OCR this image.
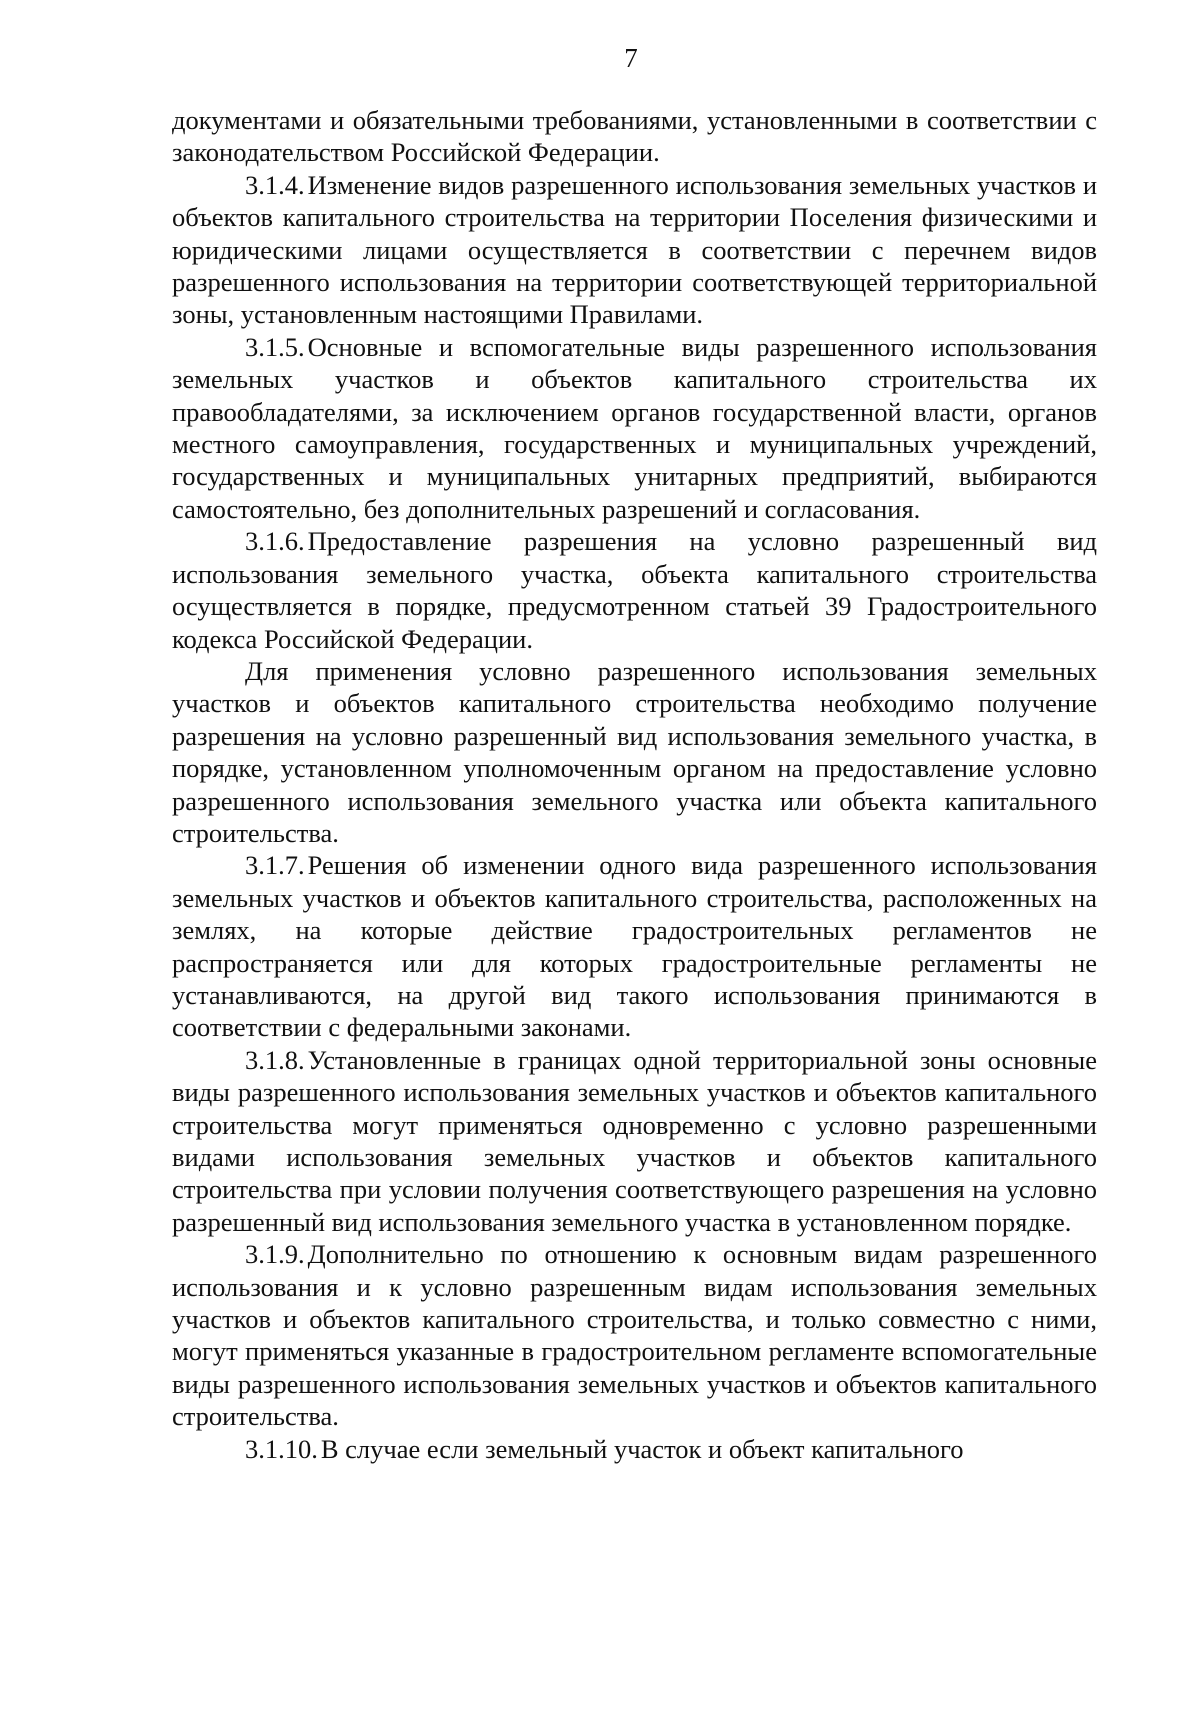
7

документами и обязательными требованиями, установленными в соответствии с законодательством Российской Федерации.

3.1.4. Изменение видов разрешенного использования земельных участков и объектов капитального строительства на территории Поселения физическими и юридическими лицами осуществляется в соответствии с перечнем видов разрешенного использования на территории соответствующей территориальной зоны, установленным настоящими Правилами.

3.1.5. Основные и вспомогательные виды разрешенного использования земельных участков и объектов капитального строительства их правообладателями, за исключением органов государственной власти, органов местного самоуправления, государственных и муниципальных учреждений, государственных и муниципальных унитарных предприятий, выбираются самостоятельно, без дополнительных разрешений и согласования.

3.1.6. Предоставление разрешения на условно разрешенный вид использования земельного участка, объекта капитального строительства осуществляется в порядке, предусмотренном статьей 39 Градостроительного кодекса Российской Федерации.

Для применения условно разрешенного использования земельных участков и объектов капитального строительства необходимо получение разрешения на условно разрешенный вид использования земельного участка, в порядке, установленном уполномоченным органом на предоставление условно разрешенного использования земельного участка или объекта капитального строительства.

3.1.7. Решения об изменении одного вида разрешенного использования земельных участков и объектов капитального строительства, расположенных на землях, на которые действие градостроительных регламентов не распространяется или для которых градостроительные регламенты не устанавливаются, на другой вид такого использования принимаются в соответствии с федеральными законами.

3.1.8. Установленные в границах одной территориальной зоны основные виды разрешенного использования земельных участков и объектов капитального строительства могут применяться одновременно с условно разрешенными видами использования земельных участков и объектов капитального строительства при условии получения соответствующего разрешения на условно разрешенный вид использования земельного участка в установленном порядке.

3.1.9. Дополнительно по отношению к основным видам разрешенного использования и к условно разрешенным видам использования земельных участков и объектов капитального строительства, и только совместно с ними, могут применяться указанные в градостроительном регламенте вспомогательные виды разрешенного использования земельных участков и объектов капитального строительства.

3.1.10. В случае если земельный участок и объект капитального
